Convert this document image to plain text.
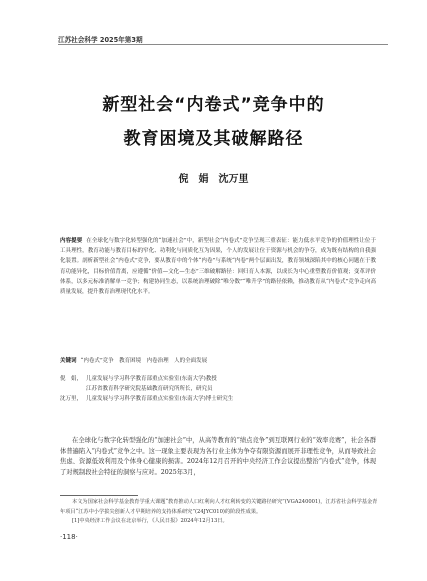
江苏社会科学 2025年第3期
新型社会“内卷式”竞争中的
教育困境及其破解路径
倪　娟　沈万里
内容提要 在全球化与数字化转型强化的“加速社会”中，新型社会“内卷式”竞争呈现三重表征：能力低水平竞争的价值理性让位于工具理性，教育功能与教育目标的窄化、功利化与同质化互为因果，个人的发展让位于资源与机会的争夺，成为既有结构的自我强化装置。剖析新型社会“内卷式”竞争，要从教育中的个体“内卷”与系统“内卷”两个层面出发，教育领域深陷其中的核心问题在于教育功能异化，目标价值背离，应遵循“价值—文化—生态”三维破解路径：回归育人本源，以成长为中心重塑教育价值观；变革评价体系，以多元标准消解单一竞争；构建协同生态，以系统治理破除“唯分数”“唯升学”的路径依赖，推动教育从“内卷式”竞争走向高质量发展，提升教育治理现代化水平。
关键词 “内卷式”竞争　教育困境　内卷治理　人的全面发展
倪　娟， 儿童发展与学习科学教育部重点实验室(东南大学)教授
江苏省教育科学研究院基础教育研究所所长，研究员
沈万里， 儿童发展与学习科学教育部重点实验室(东南大学)博士研究生
在全球化与数字化转型强化的“加速社会”中，从高等教育的“绩点竞争”到互联网行业的“效率竞赛”，社会各群体普遍陷入“内卷式”竞争之中。这一现象主要表现为各行业主体为争夺有限资源而展开非理性竞争，从而导致社会焦虑、资源低效利用及个体身心健康的损害。2024年12月召开的中央经济工作会议提出整治“内卷式”竞争，体现了对规制段社会特征的洞察与应对。2025年3月，
本文为国家社会科学基金教育学重大课题“教育推动人口红利向人才红利转变的关键路径研究”(VGA240001)，江苏省社会科学基金青年项目“江苏中小学拔尖创新人才早期培养的支持体系研究”(24JYC010)的阶段性成果。
[1]中央经济工作会议在北京举行，《人民日报》2024年12月13日。
·118·
